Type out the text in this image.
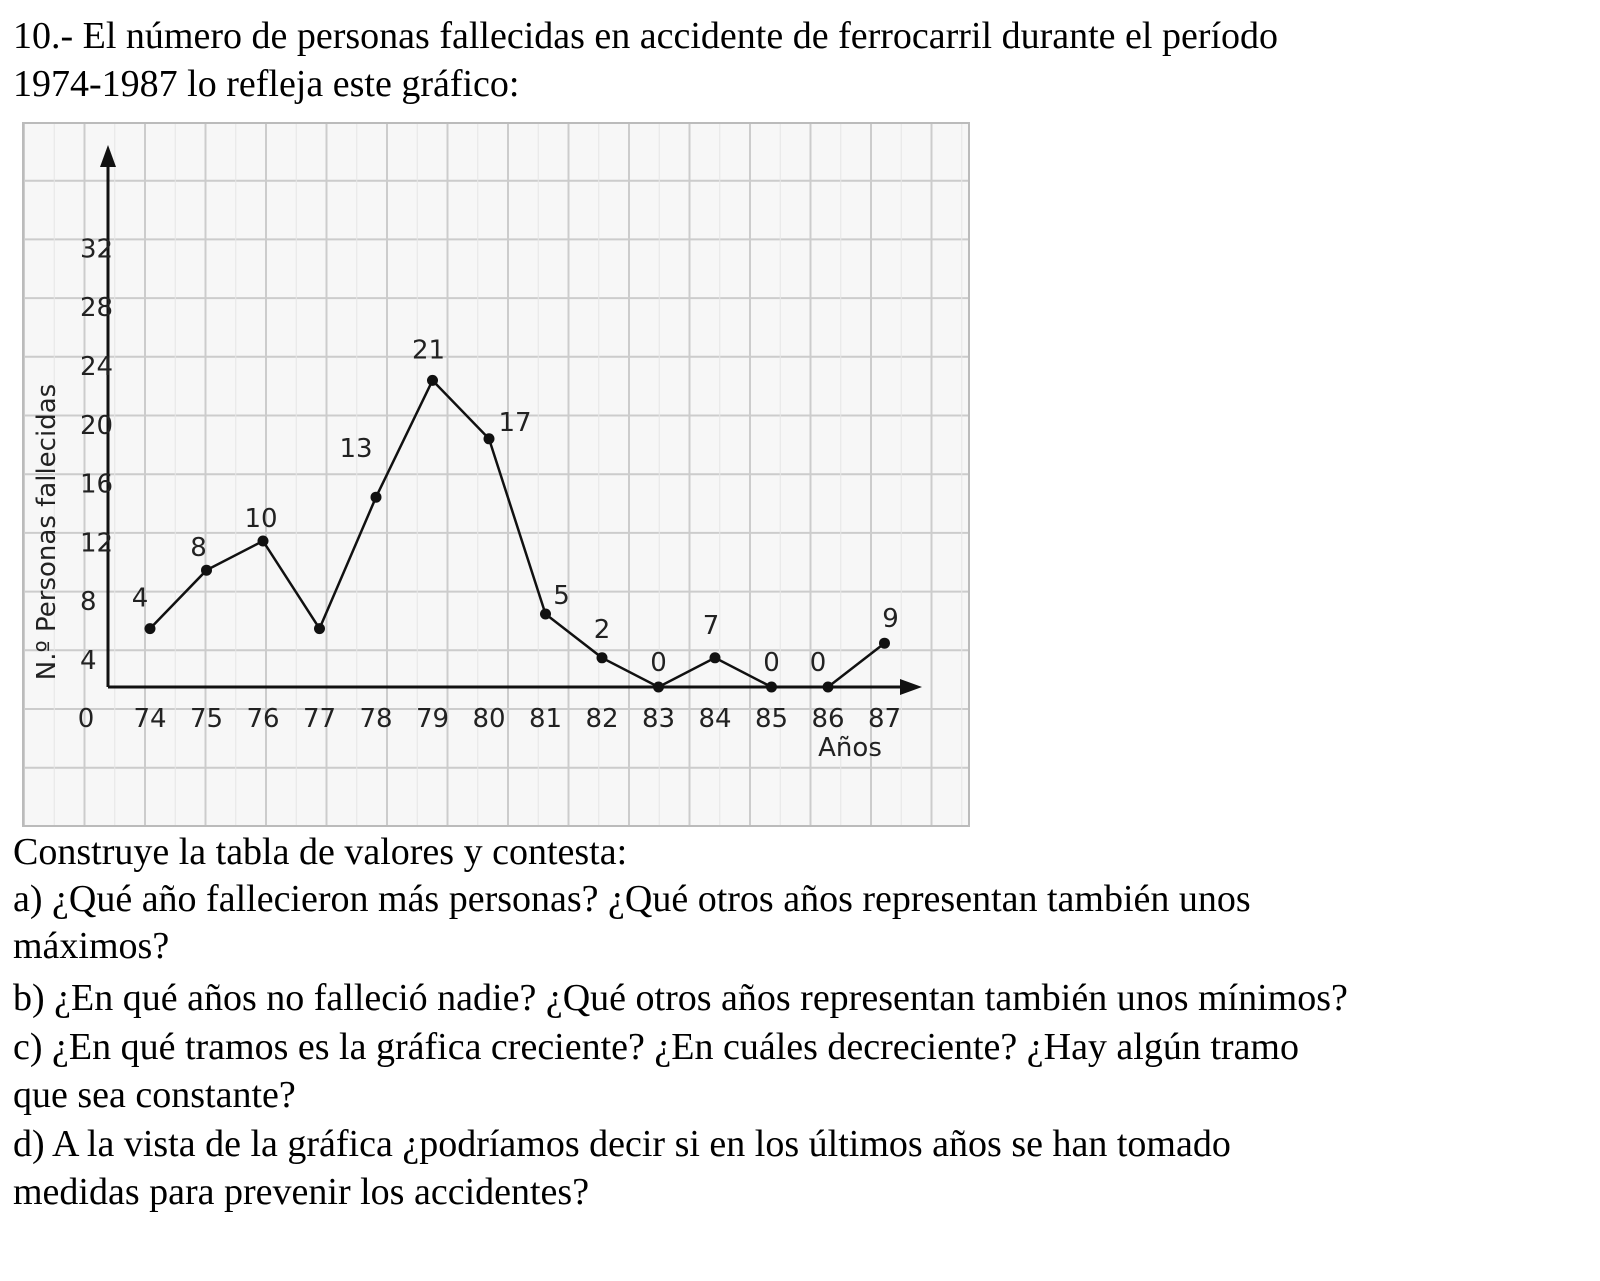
10.- El número de personas fallecidas en accidente de ferrocarril durante el período
1974-1987 lo refleja este gráfico:
0
4
8
12
16
20
24
28
32
74 75 76 77 78 79 80 81 82 83 84 85 86 87
4
8
10
13
21
17
5
2
0
7
0 0
9
N.º Personas fallecidas
Años
Construye la tabla de valores y contesta:
a) ¿Qué año fallecieron más personas? ¿Qué otros años representan también unos
máximos?
b) ¿En qué años no falleció nadie? ¿Qué otros años representan también unos mínimos?
c) ¿En qué tramos es la gráfica creciente? ¿En cuáles decreciente? ¿Hay algún tramo
que sea constante?
d) A la vista de la gráfica ¿podríamos decir si en los últimos años se han tomado
medidas para prevenir los accidentes?
